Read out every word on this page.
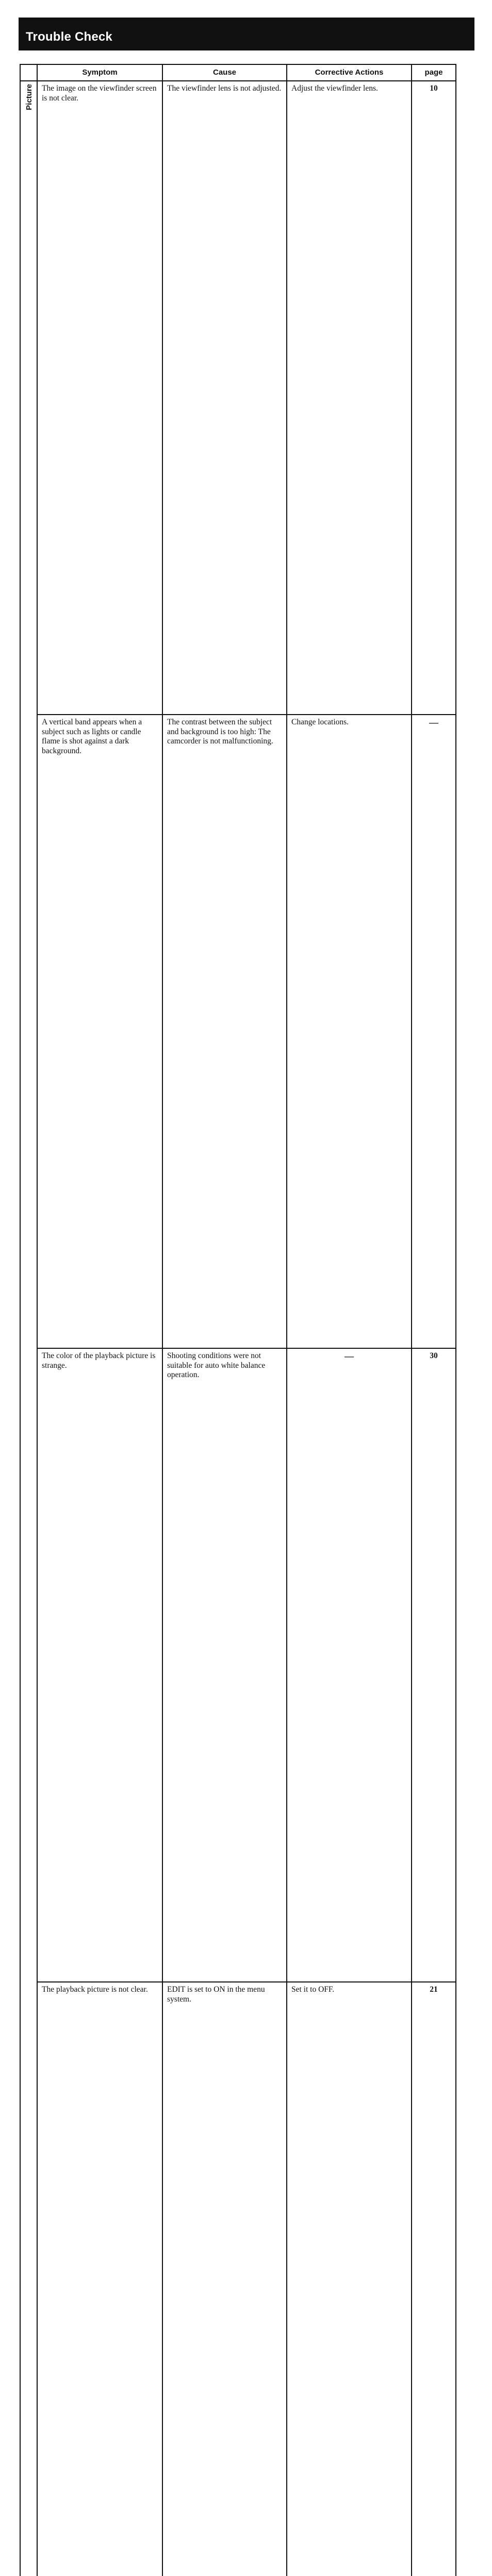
Trouble Check
	Symptom	Cause	Corrective Actions	page
Picture	The image on the viewfinder screen is not clear.	The viewfinder lens is not adjusted.	Adjust the viewfinder lens.	10
	A vertical band appears when a subject such as lights or candle flame is shot against a dark background.	The contrast between the subject and background is too high: The camcorder is not malfunctioning.	Change locations.	—
	The color of the playback picture is strange.	Shooting conditions were not suitable for auto white balance operation.	—	30
	The playback picture is not clear.	EDIT is set to ON in the menu system.	Set it to OFF.	21
